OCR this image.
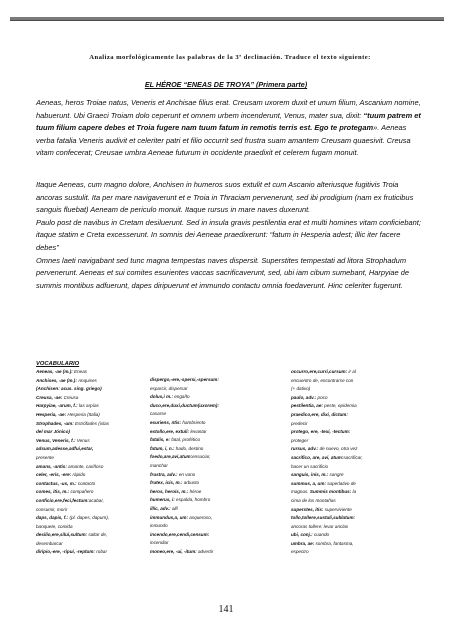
Analiza morfológicamente las palabras de la 3ª declinación. Traduce el texto siguiente:
EL HÉROE “ENEAS DE TROYA” (Primera parte)

Aeneas, heros Troiae natus, Veneris et Anchisae filius erat. Creusam uxorem duxit et unum filium, Ascanium nomine, habuerunt. Ubi Graeci Troiam dolo ceperunt et omnem urbem incenderunt, Venus, mater sua, dixit: “tuum patrem et tuum filium capere debes et Troia fugere nam tuum fatum in remotis terris est. Ego te protegam». Aeneas verba fatalia Veneris audivit et celeriter patri et filio occurrit sed frustra suam amantem Creusam quaesivit. Creusa vitam confecerat; Creusae umbra Aeneae futurum in occidente praedixit et celerem fugam monuit.

Itaque Aeneas, cum magno dolore, Anchisen in humeros suos extulit et cum Ascanio alteriusque fugitivis Troia ancoras sustulit. Ita per mare navigaverunt et e Troia in Thraciam pervenerunt, sed ibi prodigium (nam ex fruticibus sanguis fluebat) Aeneam de periculo monuit. Itaque rursus in mare naves duxerunt.

Paulo post de navibus in Cretam desiluerunt. Sed in insula gravis pestilentia erat et multi homines vitam conficiebant; itaque statim e Creta excesserunt. In somnis dei Aeneae praedixerunt: “fatum in Hesperia adest; illic iter facere debes”

Omnes laeti navigabant sed tunc magna tempestas naves dispersit. Superstites tempestati ad litora Strophadum pervenerunt. Aeneas et sui comites esurientes vaccas sacrificaverunt, sed, ubi iam cibum sumebant, Harpyiae de summis montibus adfuerunt, dapes diripuerunt et immundo contactu omnia foedaverunt. Hinc celeriter fugerunt.

VOCABULARIO
Aeneas, -ae (m.): Eneas
Anchises, -ae (m.): Anquises
(Anchisen: acus. sing. griego)
Creusa, -ae: Creusa
Harpyiae, -arum, f.: las arpías
Hesperia, -ae: Hesperia (Italia)
Strophades, -um: Estrófades (islas
del mar Jónico)
Venus, Veneris, f.: Venus
adsum,adesse,adfui,estar,
presente
amans, -antis: amante, cariñoso
celer, -eris, -ere: rápido
contactus, -us, m.: contacto
comes, itis, m.: compañero
conficio,ere,feci,fectum:acabar,
consumir, morir
daps, dapis, f.: (pl. dapes, dapum),
banquete, comida
desilio,ere,silui,sultum: saltar de,
desembarcar
diripio,-ere, -ripui, -reptum: robar
dispergo,-ere,-spersi,-spersum:
esparcir, dispersar
dolus,i m.: engaño
duco,ere,duxi,ductum(uxorem):
casarse
esuriens, ntis: hambriento
extollo,ere, extuli: levantar
fatalis, e: fatal, profético
fatum, i, n.: hado, destino
foedo,are,avi,atum:ensuciar,
manchar
frustra, adv.: en vano
frutex, icis, m.: arbusto
heros, herois, m.: héroe
humerus, i: espalda, hombro
illic, adv.: allí
immundus,a, um: asqueroso,
inmundo
incendo,ere,cendi,censum:
incendiar
moneo,ere, -ui, -itum: advertir
occurro,ere,curri,cursum: ir al
encuentro de, encontrarse con
(+ dativo)
paulo, adv.: poco
pestilentia, ae: peste, epidemia
praedico,ere, dixi, dictum:
predecir
protego, ere, -texi, -tectum:
proteger
rursus, adv.: de nuevo, otra vez
sacrifico, are, avi, atum:sacrificar,
hacer un sacrificio
sanguis, inis, m.: sangre
summus, a, um: superlativo de
magnus. Summis montibus: la
cima de los montañas
superstes, itis: superviviente
tollo,tollere,sustuli,sublatum:
ancoras tollere: levar anclas
ubi, conj.: cuando
umbra, ae: sombra, fantasma,
espectro
141
